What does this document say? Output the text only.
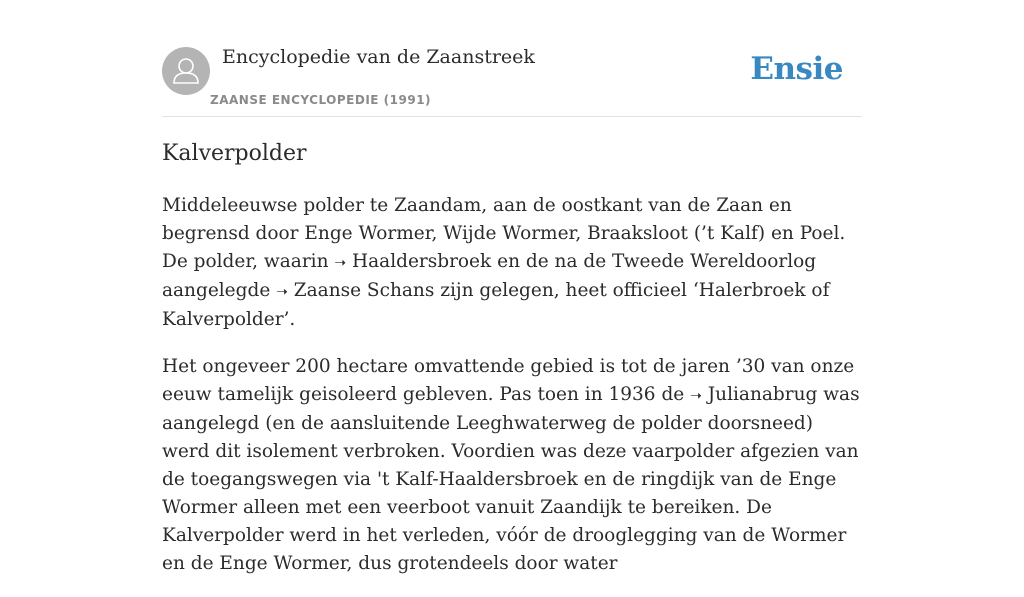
Encyclopedie van de Zaanstreek
ZAANSE ENCYCLOPEDIE (1991)
Ensie
Kalverpolder

Middeleeuwse polder te Zaandam, aan de oostkant van de Zaan en begrensd door Enge Wormer, Wijde Wormer, Braaksloot (’t Kalf) en Poel. De polder, waarin ➝ Haaldersbroek en de na de Tweede Wereldoorlog aangelegde ➝ Zaanse Schans zijn gelegen, heet officieel ‘Halerbroek of Kalverpolder’.

Het ongeveer 200 hectare omvattende gebied is tot de jaren ’30 van onze eeuw tamelijk geisoleerd gebleven. Pas toen in 1936 de ➝ Julianabrug was aangelegd (en de aansluitende Leeghwaterweg de polder doorsneed) werd dit isolement verbroken. Voordien was deze vaarpolder afgezien van de toegangswegen via 't Kalf-Haaldersbroek en de ringdijk van de Enge Wormer alleen met een veerboot vanuit Zaandijk te bereiken. De Kalverpolder werd in het verleden, vóór de drooglegging van de Wormer en de Enge Wormer, dus grotendeels door water
